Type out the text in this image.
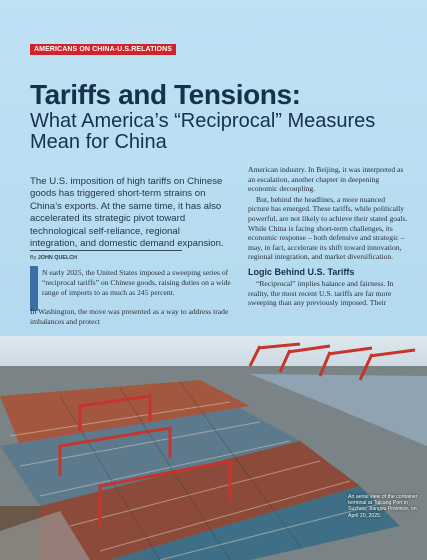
AMERICANS ON CHINA-U.S.RELATIONS
Tariffs and Tensions:
What America’s “Reciprocal” Measures Mean for China

The U.S. imposition of high tariffs on Chinese goods has triggered short-term strains on China’s exports. At the same time, it has also accelerated its strategic pivot toward technological self-reliance, regional integration, and domestic demand expansion.

By JOHN QUELCH

N early 2025, the United States imposed a sweeping series of “reciprocal tariffs” on Chinese goods, raising duties on a wide range of imports to as much as 245 percent.

In Washington, the move was presented as a way to address trade imbalances and protect

American industry. In Beijing, it was interpreted as an escalation, another chapter in deepening economic decoupling.

But, behind the headlines, a more nuanced picture has emerged. These tariffs, while politically powerful, are not likely to achieve their stated goals. While China is facing short-term challenges, its economic response – both defensive and strategic – may, in fact, accelerate its shift toward innovation, regional integration, and market diversification.

Logic Behind U.S. Tariffs

“Reciprocal” implies balance and fairness. In reality, the most recent U.S. tariffs are far more sweeping than any previously imposed. Their

An aerial view of the container terminal at Taicang Port in Suzhou, Jiangsu Province, on April 20, 2025.
